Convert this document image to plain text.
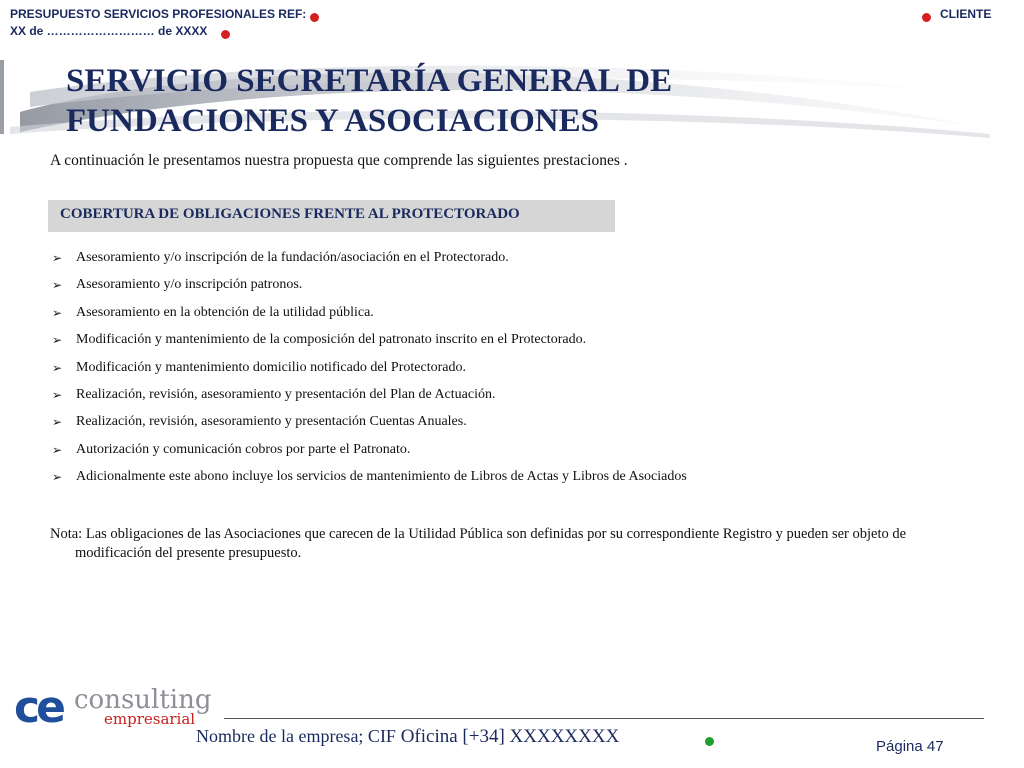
PRESUPUESTO SERVICIOS PROFESIONALES REF:
XX de ……………………… de XXXX
CLIENTE
SERVICIO SECRETARÍA GENERAL DE
FUNDACIONES Y ASOCIACIONES
A continuación le presentamos nuestra propuesta que comprende las siguientes prestaciones .
COBERTURA DE OBLIGACIONES FRENTE AL PROTECTORADO
➢ Asesoramiento y/o inscripción de la fundación/asociación en el Protectorado.
➢ Asesoramiento y/o inscripción patronos.
➢ Asesoramiento en la obtención de la utilidad pública.
➢ Modificación y mantenimiento de la composición del patronato inscrito en el Protectorado.
➢ Modificación y mantenimiento domicilio notificado del Protectorado.
➢ Realización, revisión, asesoramiento y presentación del Plan de Actuación.
➢ Realización, revisión, asesoramiento y presentación Cuentas Anuales.
➢ Autorización y comunicación cobros por parte el Patronato.
➢ Adicionalmente este abono incluye los servicios de mantenimiento de Libros de Actas y Libros de Asociados
Nota: Las obligaciones de las Asociaciones que carecen de la Utilidad Pública son definidas por su correspondiente Registro y pueden ser objeto de
modificación del presente presupuesto.
ce consulting
empresarial
Nombre de la empresa; CIF Oficina [+34] XXXXXXXX	Página 47
